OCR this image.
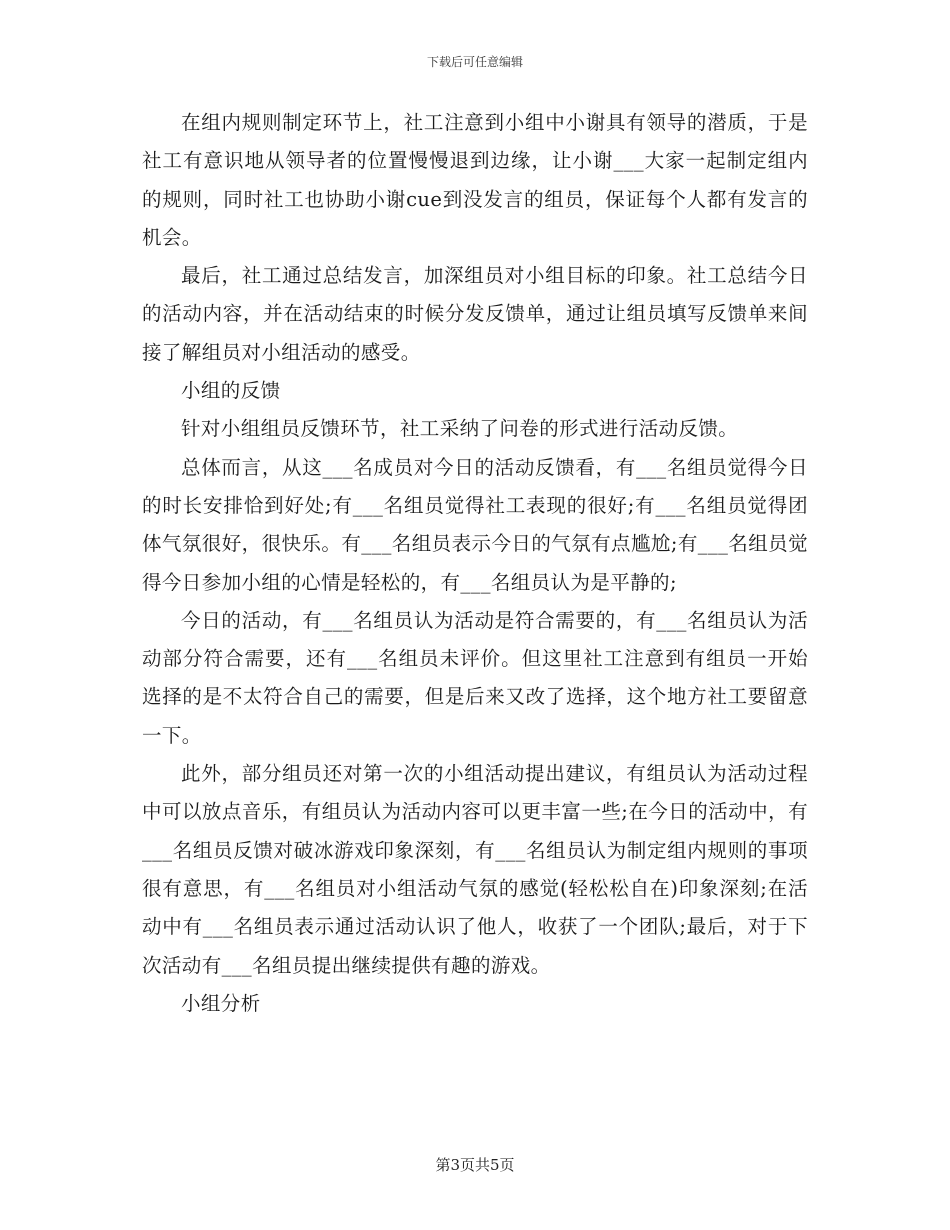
下载后可任意编辑

在组内规则制定环节上，社工注意到小组中小谢具有领导的潜质，于是社工有意识地从领导者的位置慢慢退到边缘，让小谢___大家一起制定组内的规则，同时社工也协助小谢cue到没发言的组员，保证每个人都有发言的机会。

最后，社工通过总结发言，加深组员对小组目标的印象。社工总结今日的活动内容，并在活动结束的时候分发反馈单，通过让组员填写反馈单来间接了解组员对小组活动的感受。

小组的反馈

针对小组组员反馈环节，社工采纳了问卷的形式进行活动反馈。

总体而言，从这___名成员对今日的活动反馈看，有___名组员觉得今日的时长安排恰到好处;有___名组员觉得社工表现的很好;有___名组员觉得团体气氛很好，很快乐。有___名组员表示今日的气氛有点尴尬;有___名组员觉得今日参加小组的心情是轻松的，有___名组员认为是平静的;

今日的活动，有___名组员认为活动是符合需要的，有___名组员认为活动部分符合需要，还有___名组员未评价。但这里社工注意到有组员一开始选择的是不太符合自己的需要，但是后来又改了选择，这个地方社工要留意一下。

此外，部分组员还对第一次的小组活动提出建议，有组员认为活动过程中可以放点音乐，有组员认为活动内容可以更丰富一些;在今日的活动中，有___名组员反馈对破冰游戏印象深刻，有___名组员认为制定组内规则的事项很有意思，有___名组员对小组活动气氛的感觉(轻松松自在)印象深刻;在活动中有___名组员表示通过活动认识了他人，收获了一个团队;最后，对于下次活动有___名组员提出继续提供有趣的游戏。

小组分析

第3页共5页
